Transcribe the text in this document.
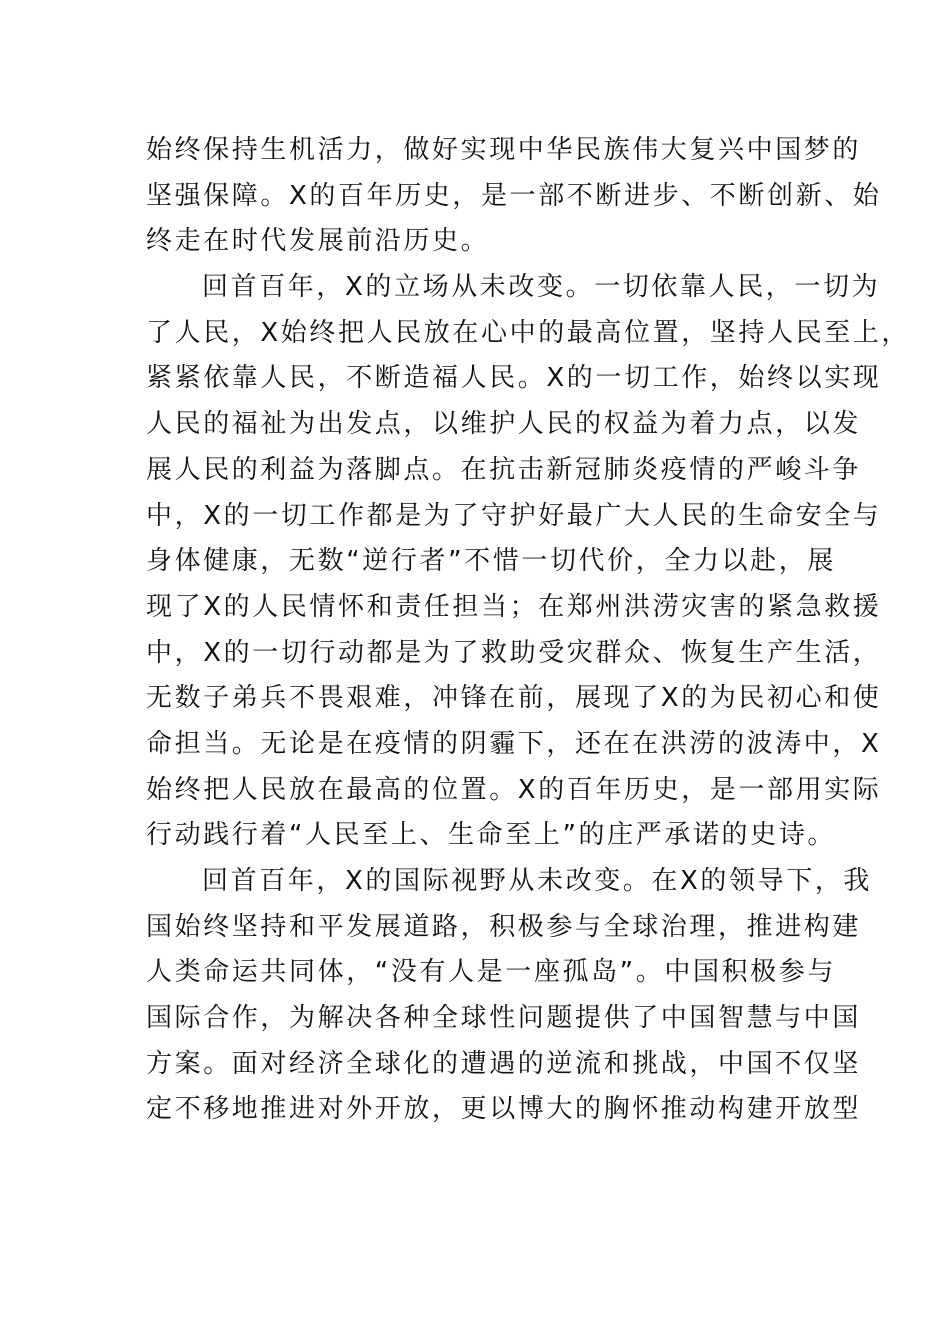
始终保持生机活力，做好实现中华民族伟大复兴中国梦的
坚强保障。X的百年历史，是一部不断进步、不断创新、始
终走在时代发展前沿历史。
回首百年，X的立场从未改变。一切依靠人民，一切为
了人民，X始终把人民放在心中的最高位置，坚持人民至上，
紧紧依靠人民，不断造福人民。X的一切工作，始终以实现
人民的福祉为出发点，以维护人民的权益为着力点，以发
展人民的利益为落脚点。在抗击新冠肺炎疫情的严峻斗争
中，X的一切工作都是为了守护好最广大人民的生命安全与
身体健康，无数“逆行者”不惜一切代价，全力以赴，展
现了X的人民情怀和责任担当；在郑州洪涝灾害的紧急救援
中，X的一切行动都是为了救助受灾群众、恢复生产生活，
无数子弟兵不畏艰难，冲锋在前，展现了X的为民初心和使
命担当。无论是在疫情的阴霾下，还在在洪涝的波涛中，X
始终把人民放在最高的位置。X的百年历史，是一部用实际
行动践行着“人民至上、生命至上”的庄严承诺的史诗。
回首百年，X的国际视野从未改变。在X的领导下，我
国始终坚持和平发展道路，积极参与全球治理，推进构建
人类命运共同体，“没有人是一座孤岛”。中国积极参与
国际合作，为解决各种全球性问题提供了中国智慧与中国
方案。面对经济全球化的遭遇的逆流和挑战，中国不仅坚
定不移地推进对外开放，更以博大的胸怀推动构建开放型
